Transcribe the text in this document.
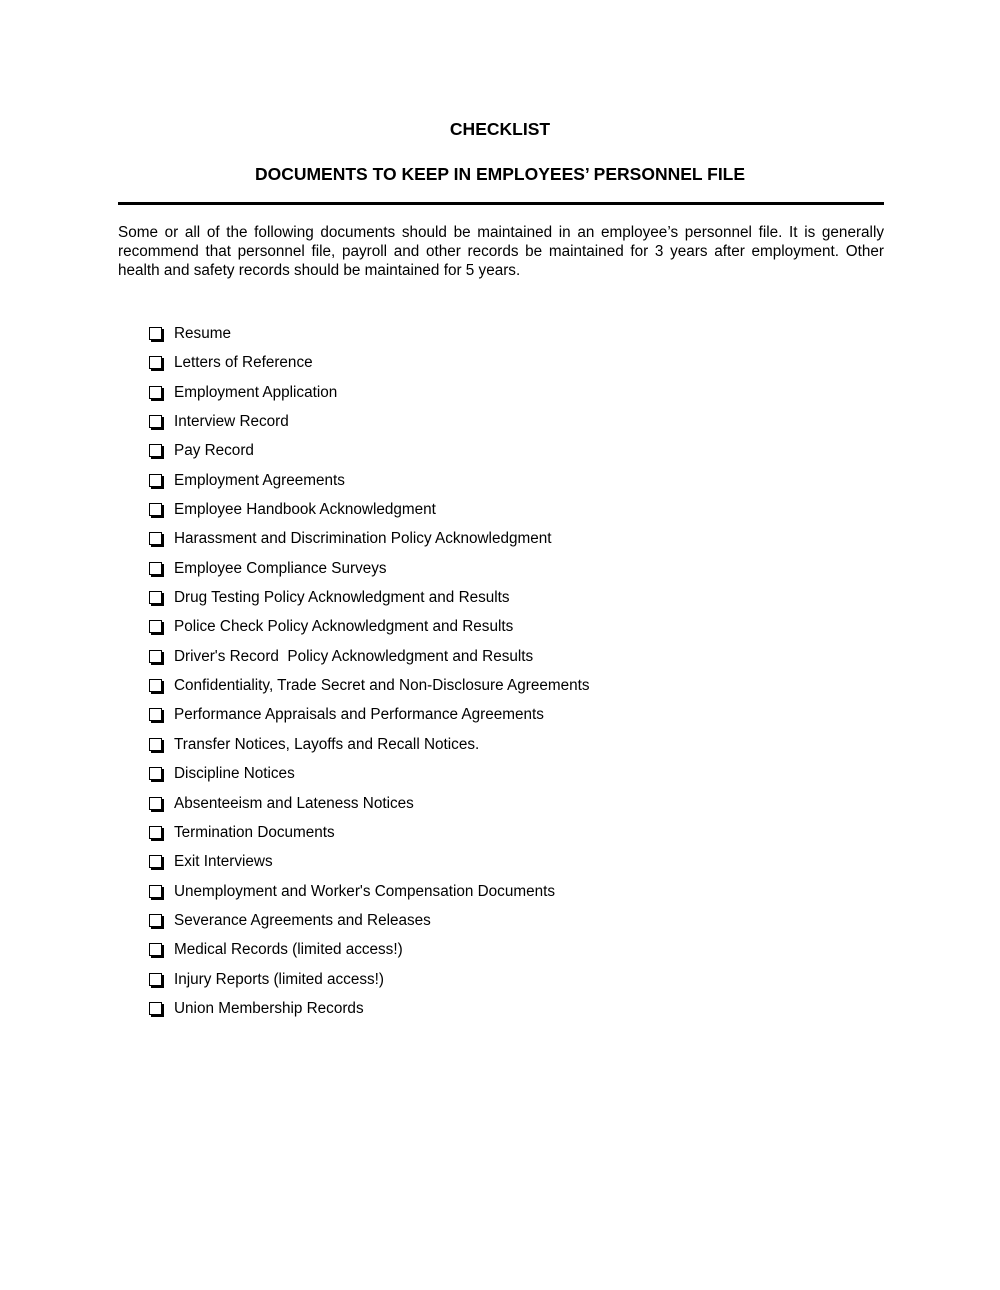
CHECKLIST
DOCUMENTS TO KEEP IN EMPLOYEES’ PERSONNEL FILE
Some or all of the following documents should be maintained in an employee’s personnel file. It is generally recommend that personnel file, payroll and other records be maintained for 3 years after employment. Other health and safety records should be maintained for 5 years.
Resume
Letters of Reference
Employment Application
Interview Record
Pay Record
Employment Agreements
Employee Handbook Acknowledgment
Harassment and Discrimination Policy Acknowledgment
Employee Compliance Surveys
Drug Testing Policy Acknowledgment and Results
Police Check Policy Acknowledgment and Results
Driver's Record  Policy Acknowledgment and Results
Confidentiality, Trade Secret and Non-Disclosure Agreements
Performance Appraisals and Performance Agreements
Transfer Notices, Layoffs and Recall Notices.
Discipline Notices
Absenteeism and Lateness Notices
Termination Documents
Exit Interviews
Unemployment and Worker's Compensation Documents
Severance Agreements and Releases
Medical Records (limited access!)
Injury Reports (limited access!)
Union Membership Records
